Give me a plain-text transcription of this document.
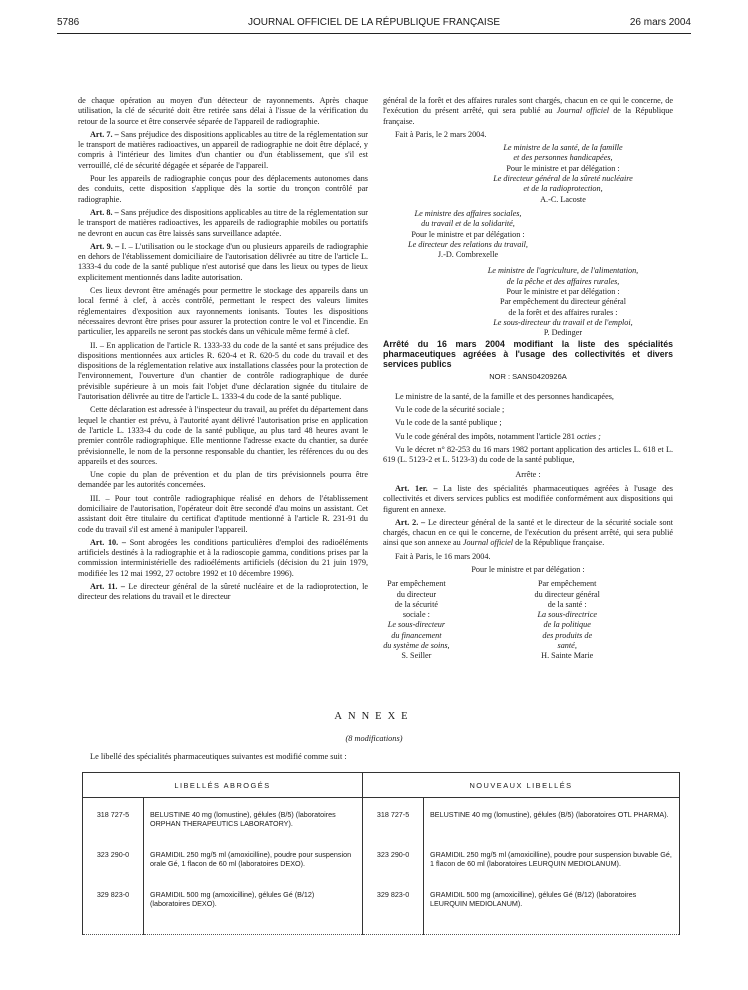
5786	JOURNAL OFFICIEL DE LA RÉPUBLIQUE FRANÇAISE	26 mars 2004

de chaque opération au moyen d'un détecteur de rayonnements. Après chaque utilisation, la clé de sécurité doit être retirée sans délai à l'issue de la vérification du retour de la source et être conservée séparée de l'appareil de radiographie.

Art. 7. – Sans préjudice des dispositions applicables au titre de la réglementation sur le transport de matières radioactives, un appareil de radiographie ne doit être déplacé, y compris à l'intérieur des limites d'un chantier ou d'un établissement, que s'il est verrouillé, clé de sécurité dégagée et séparée de l'appareil.

Pour les appareils de radiographie conçus pour des déplacements autonomes dans des conduits, cette disposition s'applique dès la sortie du tronçon contrôlé par radiographie.

Art. 8. – Sans préjudice des dispositions applicables au titre de la réglementation sur le transport de matières radioactives, les appareils de radiographie mobiles ou portatifs ne devront en aucun cas être laissés sans surveillance adaptée.

Art. 9. – I. – L'utilisation ou le stockage d'un ou plusieurs appareils de radiographie en dehors de l'établissement domiciliaire de l'autorisation délivrée au titre de l'article L. 1333-4 du code de la santé publique n'est autorisé que dans les lieux ou types de lieux explicitement mentionnés dans ladite autorisation.

Ces lieux devront être aménagés pour permettre le stockage des appareils dans un local fermé à clef, à accès contrôlé, permettant le respect des valeurs limites réglementaires d'exposition aux rayonnements ionisants. Toutes les dispositions nécessaires devront être prises pour assurer la protection contre le vol et l'incendie. En particulier, les appareils ne seront pas stockés dans un véhicule même fermé à clef.

II. – En application de l'article R. 1333-33 du code de la santé et sans préjudice des dispositions mentionnées aux articles R. 620-4 et R. 620-5 du code du travail et des dispositions de la réglementation relative aux installations classées pour la protection de l'environnement, l'ouverture d'un chantier de contrôle radiographique de durée prévisible supérieure à un mois fait l'objet d'une déclaration signée du titulaire de l'autorisation délivrée au titre de l'article L. 1333-4 du code de la santé publique.

Cette déclaration est adressée à l'inspecteur du travail, au préfet du département dans lequel le chantier est prévu, à l'autorité ayant délivré l'autorisation prise en application de l'article L. 1333-4 du code de la santé publique, au plus tard 48 heures avant le premier contrôle radiographique. Elle mentionne l'adresse exacte du chantier, sa durée prévisionnelle, le nom de la personne responsable du chantier, les références du ou des appareils et des sources.

Une copie du plan de prévention et du plan de tirs prévisionnels pourra être demandée par les autorités concernées.

III. – Pour tout contrôle radiographique réalisé en dehors de l'établissement domiciliaire de l'autorisation, l'opérateur doit être secondé d'au moins un assistant. Cet assistant doit être titulaire du certificat d'aptitude mentionné à l'article R. 231-91 du code du travail s'il est amené à manipuler l'appareil.

Art. 10. – Sont abrogées les conditions particulières d'emploi des radioéléments artificiels destinés à la radiographie et à la radioscopie gamma, conditions prises par la commission interministérielle des radioéléments artificiels (décision du 21 juin 1979, modifiée les 12 mai 1992, 27 octobre 1992 et 10 décembre 1996).

Art. 11. – Le directeur général de la sûreté nucléaire et de la radioprotection, le directeur des relations du travail et le directeur

général de la forêt et des affaires rurales sont chargés, chacun en ce qui le concerne, de l'exécution du présent arrêté, qui sera publié au Journal officiel de la République française.

Fait à Paris, le 2 mars 2004.

Le ministre de la santé, de la famille
et des personnes handicapées,
Pour le ministre et par délégation :
Le directeur général de la sûreté nucléaire
et de la radioprotection,
A.-C. Lacoste
Le ministre des affaires sociales,
du travail et de la solidarité,
Pour le ministre et par délégation :
Le directeur des relations du travail,
J.-D. Combrexelle
Le ministre de l'agriculture, de l'alimentation,
de la pêche et des affaires rurales,
Pour le ministre et par délégation :
Par empêchement du directeur général
de la forêt et des affaires rurales :
Le sous-directeur du travail et de l'emploi,
P. Dedinger

Arrêté du 16 mars 2004 modifiant la liste des spécialités pharmaceutiques agréées à l'usage des collectivités et divers services publics

NOR : SANS0420926A

Le ministre de la santé, de la famille et des personnes handicapées,

Vu le code de la sécurité sociale ;

Vu le code de la santé publique ;

Vu le code général des impôts, notamment l'article 281 octies ;

Vu le décret n° 82-253 du 16 mars 1982 portant application des articles L. 618 et L. 619 (L. 5123-2 et L. 5123-3) du code de la santé publique,

Arrête :

Art. 1er. – La liste des spécialités pharmaceutiques agréées à l'usage des collectivités et divers services publics est modifiée conformément aux dispositions qui figurent en annexe.

Art. 2. – Le directeur général de la santé et le directeur de la sécurité sociale sont chargés, chacun en ce qui le concerne, de l'exécution du présent arrêté, qui sera publié ainsi que son annexe au Journal officiel de la République française.

Fait à Paris, le 16 mars 2004.

Pour le ministre et par délégation :

Par empêchement du directeur
de la sécurité sociale :
Le sous-directeur
du financement
du système de soins,
S. Seiller
Par empêchement
du directeur général de la santé :
La sous-directrice
de la politique
des produits de santé,
H. Sainte Marie
ANNEXE
(8 modifications)
Le libellé des spécialités pharmaceutiques suivantes est modifié comme suit :
LIBELLÉS ABROGÉS		NOUVEAUX LIBELLÉS	
318 727-5	BELUSTINE 40 mg (lomustine), gélules (B/5) (laboratoires ORPHAN THERAPEUTICS LABORATORY).	318 727-5	BELUSTINE 40 mg (lomustine), gélules (B/5) (laboratoires OTL PHARMA).
323 290-0	GRAMIDIL 250 mg/5 ml (amoxicilline), poudre pour suspension orale Gé, 1 flacon de 60 ml (laboratoires DEXO).	323 290-0	GRAMIDIL 250 mg/5 ml (amoxicilline), poudre pour suspension buvable Gé, 1 flacon de 60 ml (laboratoires LEURQUIN MEDIOLANUM).
329 823-0	GRAMIDIL 500 mg (amoxicilline), gélules Gé (B/12) (laboratoires DEXO).	329 823-0	GRAMIDIL 500 mg (amoxicilline), gélules Gé (B/12) (laboratoires LEURQUIN MEDIOLANUM).
